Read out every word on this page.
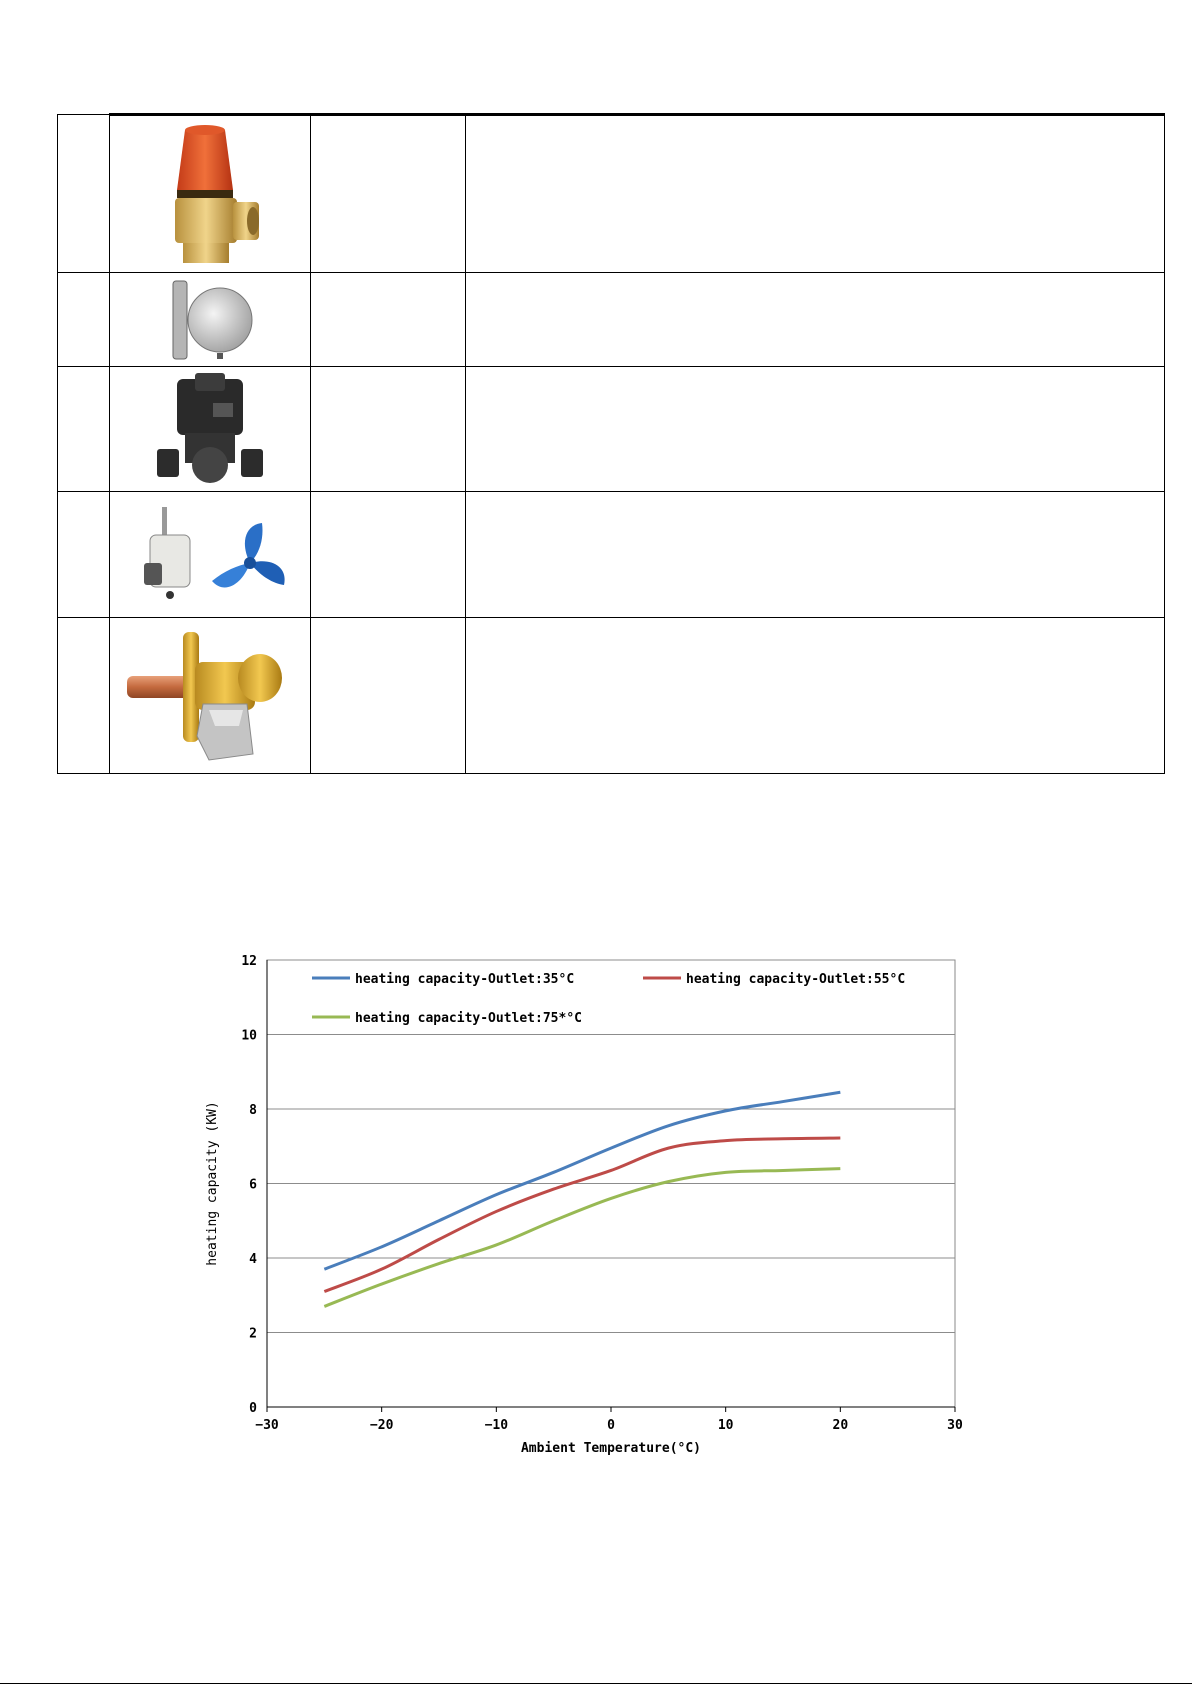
0
2
4
6
8
10
12
−30	−20	−10	0	10	20	30
heating capacity-Outlet:35°C	heating capacity-Outlet:55°C
heating capacity-Outlet:75*°C
Ambient Temperature(°C)
heating capacity (KW)
